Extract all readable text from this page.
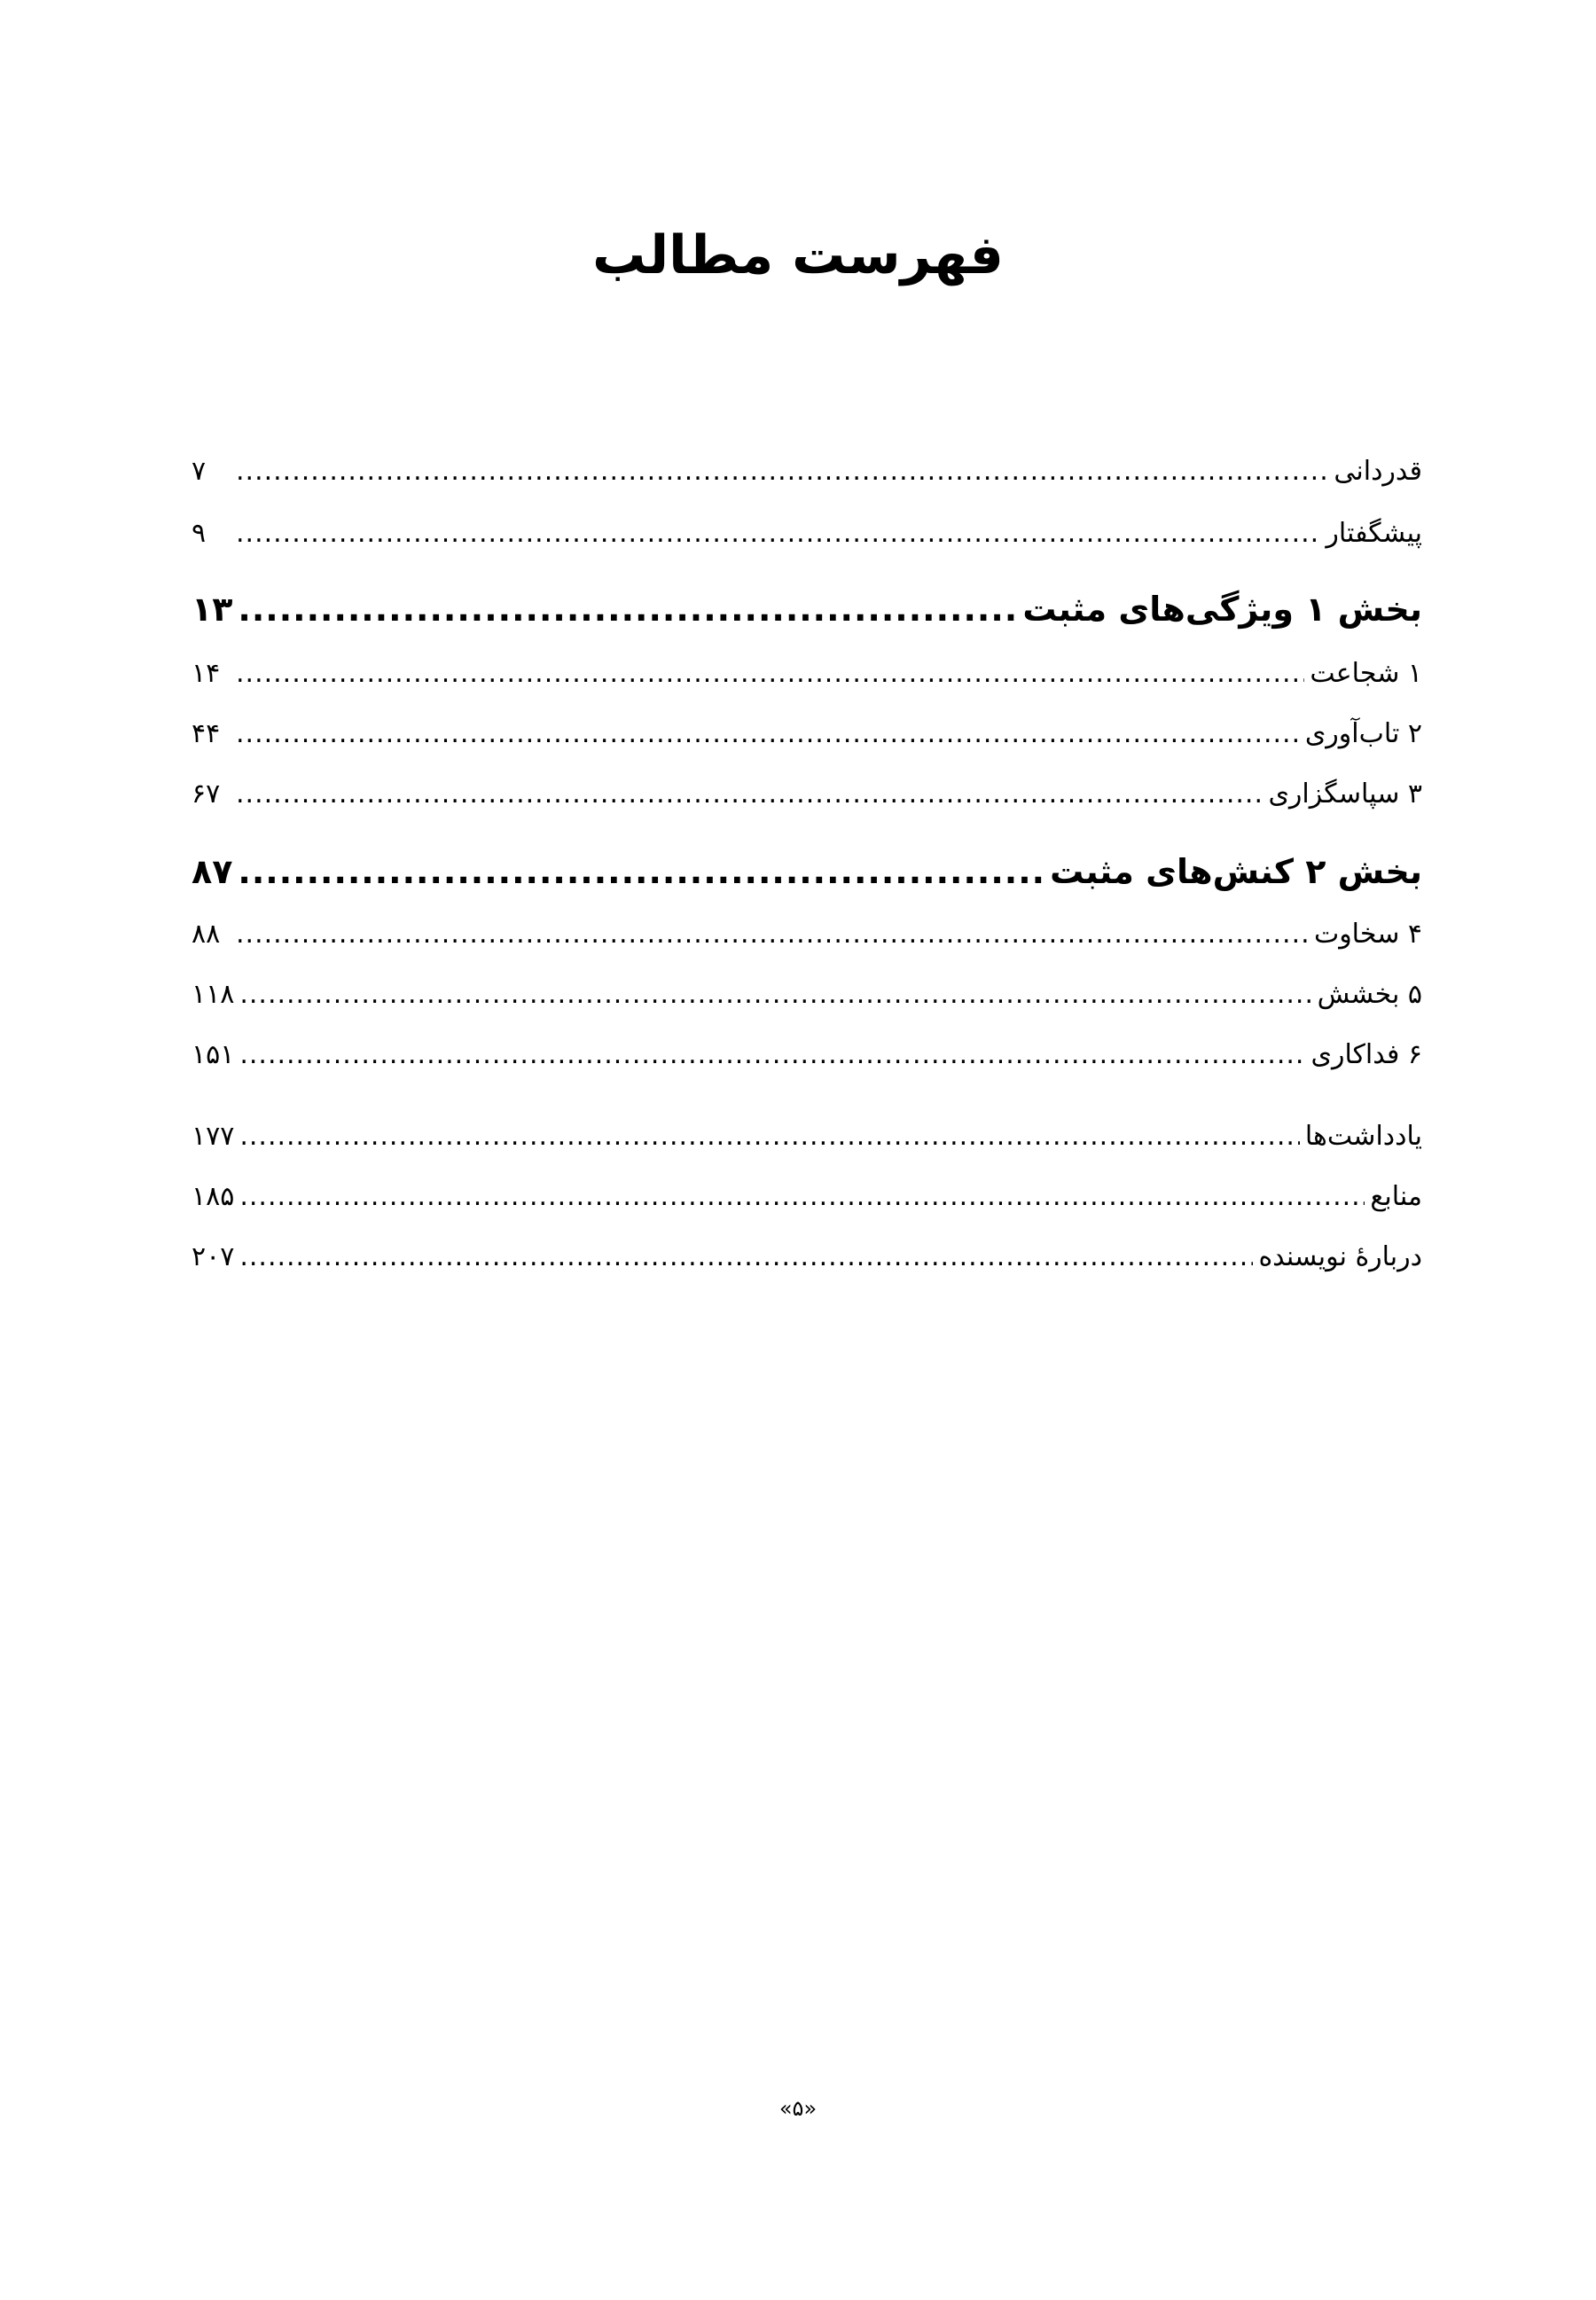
فهرست مطالب
قدردانی
.....
۷
پیشگفتار
.....
۹
بخش ۱ ویژگی‌های مثبت
.....
۱۳
۱ شجاعت
.....
۱۴
۲ تاب‌آوری
.....
۴۴
۳ سپاسگزاری
.....
۶۷
بخش ۲ کنش‌های مثبت
.....
۸۷
۴ سخاوت
.....
۸۸
۵ بخشش
.....
۱۱۸
۶ فداکاری
.....
۱۵۱
یادداشت‌ها
.....
۱۷۷
منابع
.....
۱۸۵
دربارهٔ نویسنده
.....
۲۰۷
«۵»
